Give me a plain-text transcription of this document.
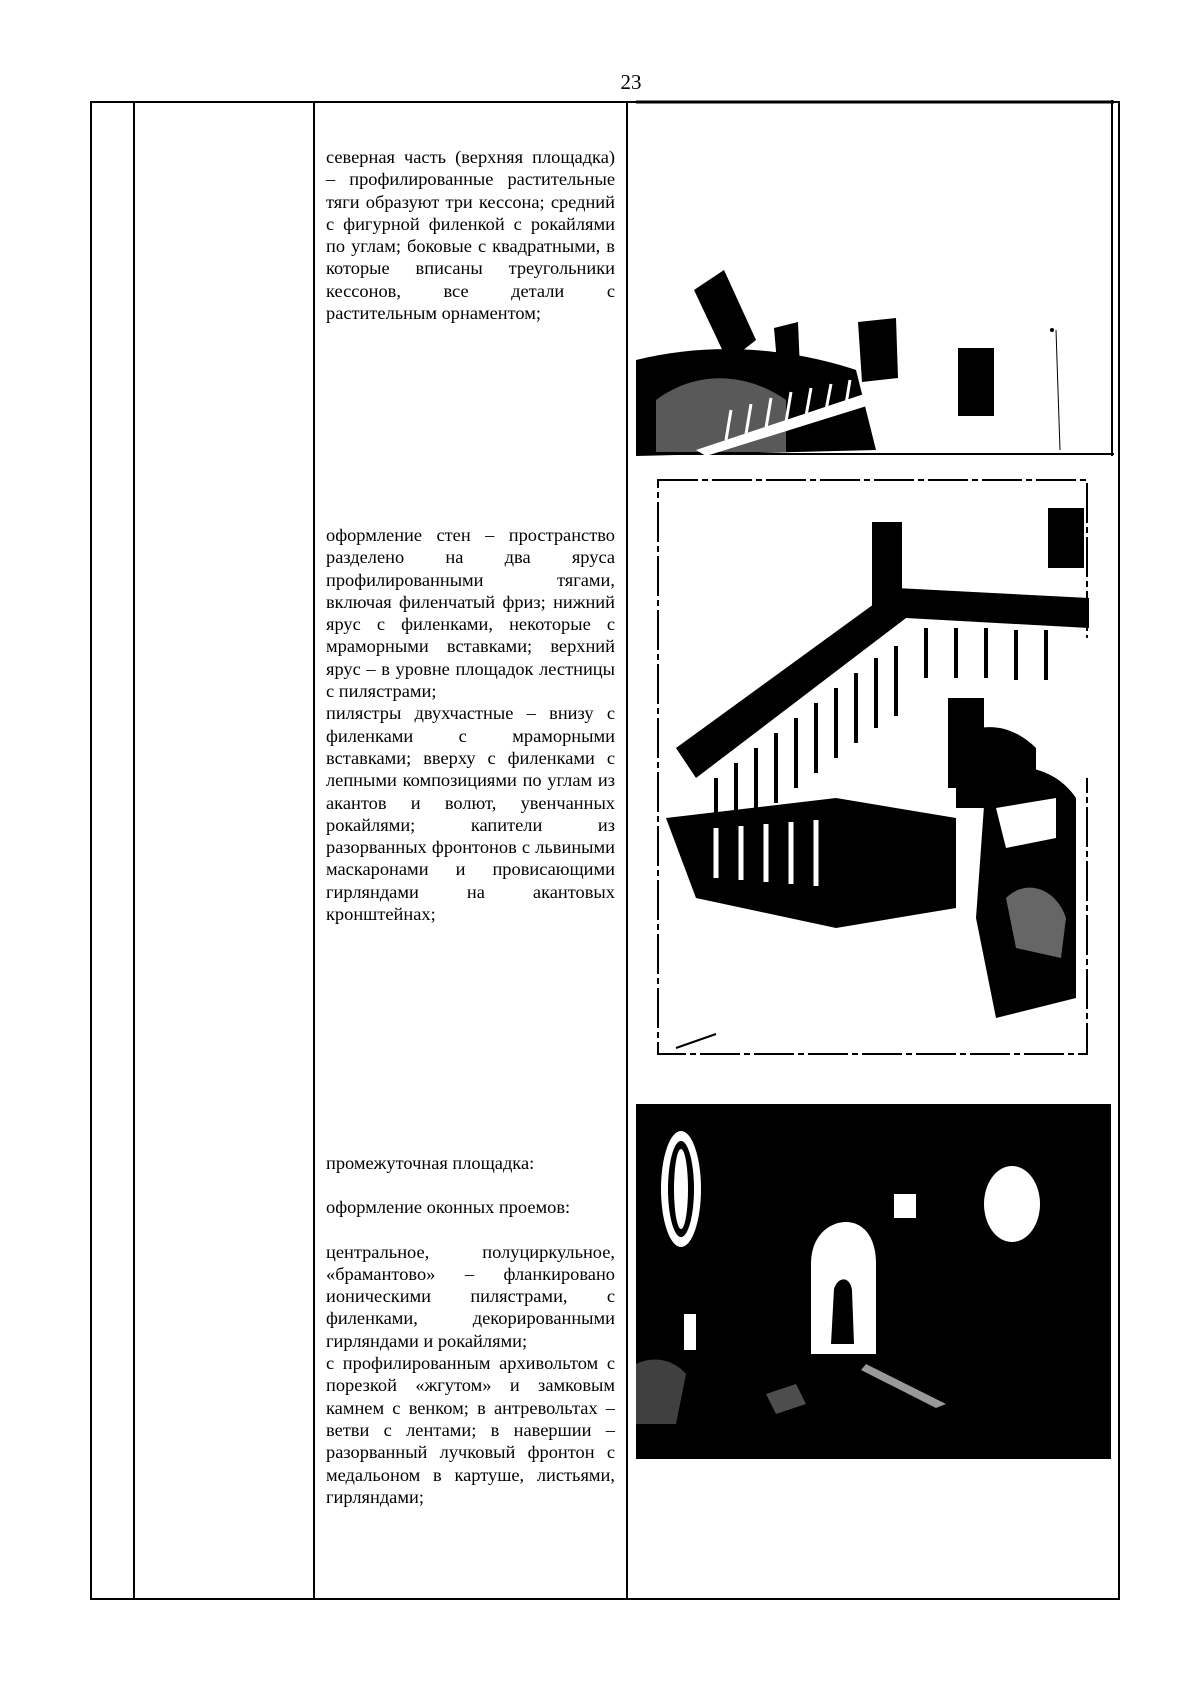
23

северная часть (верхняя площадка) – профилированные растительные тяги образуют три кессона; средний с фигурной филенкой с рокайлями по углам; боковые с квадратными, в которые вписаны треугольники кессонов, все детали с растительным орнаментом;

оформление стен – пространство разделено на два яруса профилированными тягами, включая филенчатый фриз; нижний ярус с филенками, некоторые с мраморными вставками; верхний ярус – в уровне площадок лестницы с пилястрами;

пилястры двухчастные – внизу с филенками с мраморными вставками; вверху с филенками с лепными композициями по углам из акантов и волют, увенчанных рокайлями; капители из разорванных фронтонов с львиными маскаронами и провисающими гирляндами на акантовых кронштейнах;

промежуточная площадка:

оформление оконных проемов:

центральное, полуциркульное, «брамантово» – фланкировано ионическими пилястрами, с филенками, декорированными гирляндами и рокайлями;

с профилированным архивольтом с порезкой «жгутом» и замковым камнем с венком; в антревольтах – ветви с лентами; в навершии – разорванный лучковый фронтон с медальоном в картуше, листьями, гирляндами;
